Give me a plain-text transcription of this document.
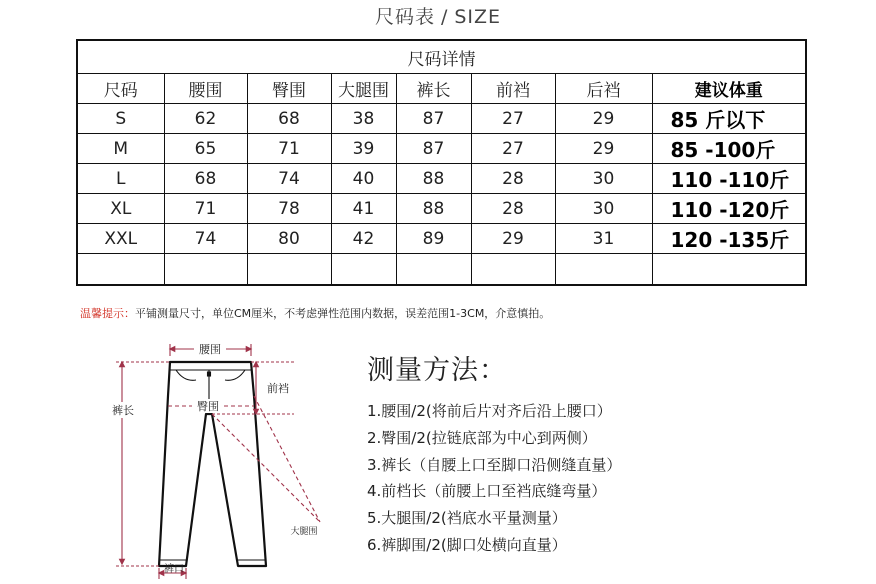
尺码表 / SIZE
尺码详情							
尺码	腰围	臀围	大腿围	裤长	前裆	后裆	建议体重
S	62	68	38	87	27	29	85 斤以下
M	65	71	39	87	27	29	85 -100斤
L	68	74	40	88	28	30	110 -110斤
XL	71	78	41	88	28	30	110 -120斤
XXL	74	80	42	89	29	31	120 -135斤

温馨提示：平铺测量尺寸，单位CM厘米，不考虑弹性范围内数据，误差范围1-3CM，介意慎拍。
腰围
臀围
前裆
裤长
大腿围
裤口
测量方法：
1.腰围/2(将前后片对齐后沿上腰口）
2.臀围/2(拉链底部为中心到两侧）
3.裤长（自腰上口至脚口沿侧缝直量）
4.前档长（前腰上口至裆底缝弯量）
5.大腿围/2(裆底水平量测量）
6.裤脚围/2(脚口处横向直量）
